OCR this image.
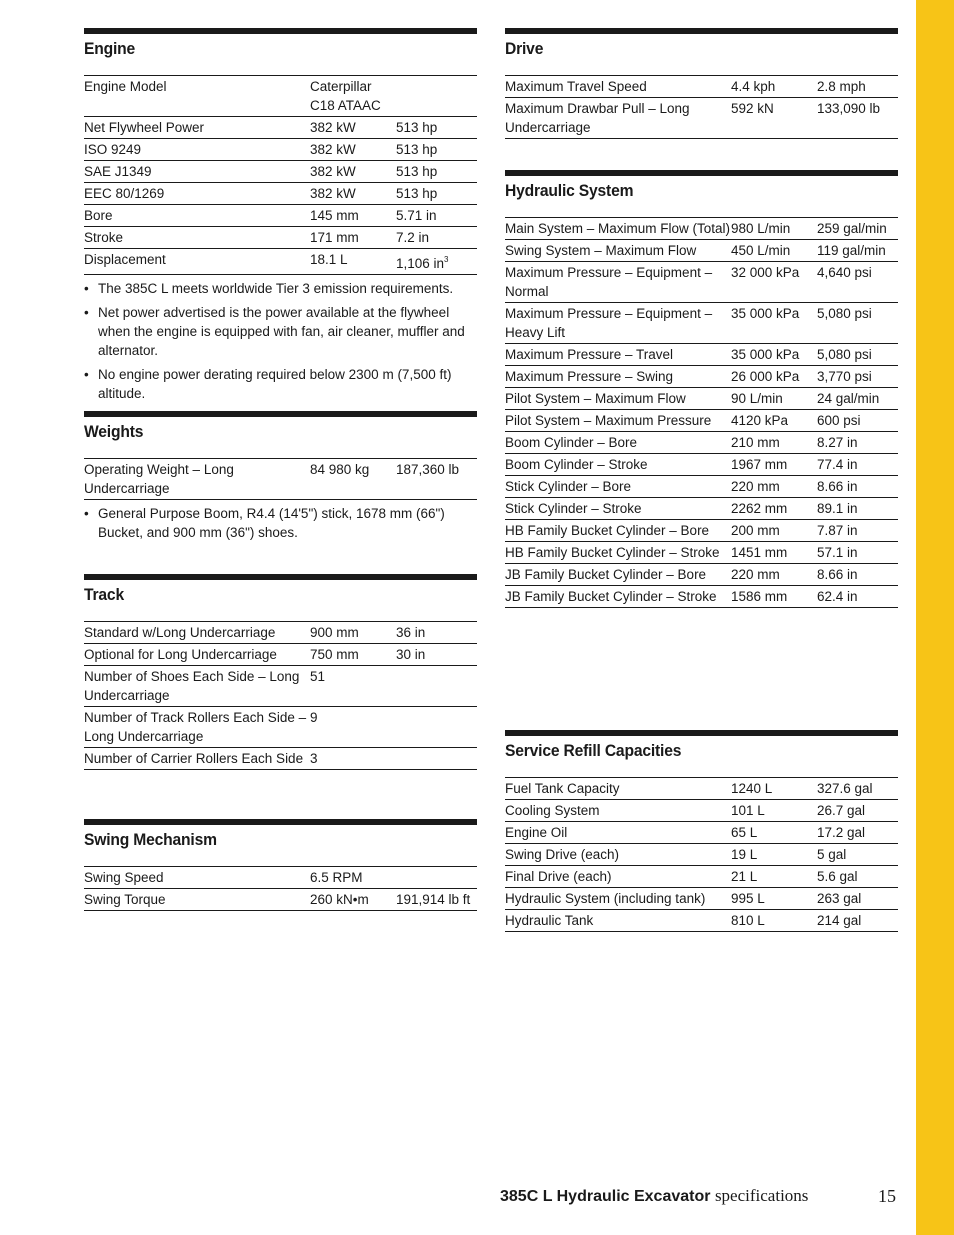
Engine
Engine Model	Caterpillar C18 ATAAC	
Net Flywheel Power	382 kW	513 hp
ISO 9249	382 kW	513 hp
SAE J1349	382 kW	513 hp
EEC 80/1269	382 kW	513 hp
Bore	145 mm	5.71 in
Stroke	171 mm	7.2 in
Displacement	18.1 L	1,106 $in^3$
• The 385C L meets worldwide Tier 3 emission requirements.
• Net power advertised is the power available at the flywheel when the engine is equipped with fan, air cleaner, muffler and alternator.
• No engine power derating required below 2300 m (7,500 ft) altitude.
Weights
Operating Weight – Long Undercarriage	84 980 kg	187,360 lb
• General Purpose Boom, R4.4 (14'5") stick, 1678 mm (66") Bucket, and 900 mm (36") shoes.
Track
Standard w/Long Undercarriage	900 mm	36 in
Optional for Long Undercarriage	750 mm	30 in
Number of Shoes Each Side – Long Undercarriage	51	
Number of Track Rollers Each Side – Long Undercarriage	9	
Number of Carrier Rollers Each Side	3	
Swing Mechanism
Swing Speed	6.5 RPM	
Swing Torque	260 kN•m	191,914 lb ft
Drive
Maximum Travel Speed	4.4 kph	2.8 mph
Maximum Drawbar Pull – Long Undercarriage	592 kN	133,090 lb
Hydraulic System
Main System – Maximum Flow (Total)	980 L/min	259 gal/min
Swing System – Maximum Flow	450 L/min	119 gal/min
Maximum Pressure – Equipment – Normal	32 000 kPa	4,640 psi
Maximum Pressure – Equipment – Heavy Lift	35 000 kPa	5,080 psi
Maximum Pressure – Travel	35 000 kPa	5,080 psi
Maximum Pressure – Swing	26 000 kPa	3,770 psi
Pilot System – Maximum Flow	90 L/min	24 gal/min
Pilot System – Maximum Pressure	4120 kPa	600 psi
Boom Cylinder – Bore	210 mm	8.27 in
Boom Cylinder – Stroke	1967 mm	77.4 in
Stick Cylinder – Bore	220 mm	8.66 in
Stick Cylinder – Stroke	2262 mm	89.1 in
HB Family Bucket Cylinder – Bore	200 mm	7.87 in
HB Family Bucket Cylinder – Stroke	1451 mm	57.1 in
JB Family Bucket Cylinder – Bore	220 mm	8.66 in
JB Family Bucket Cylinder – Stroke	1586 mm	62.4 in
Service Refill Capacities
Fuel Tank Capacity	1240 L	327.6 gal
Cooling System	101 L	26.7 gal
Engine Oil	65 L	17.2 gal
Swing Drive (each)	19 L	5 gal
Final Drive (each)	21 L	5.6 gal
Hydraulic System (including tank)	995 L	263 gal
Hydraulic Tank	810 L	214 gal
385C L Hydraulic Excavator specifications	15
